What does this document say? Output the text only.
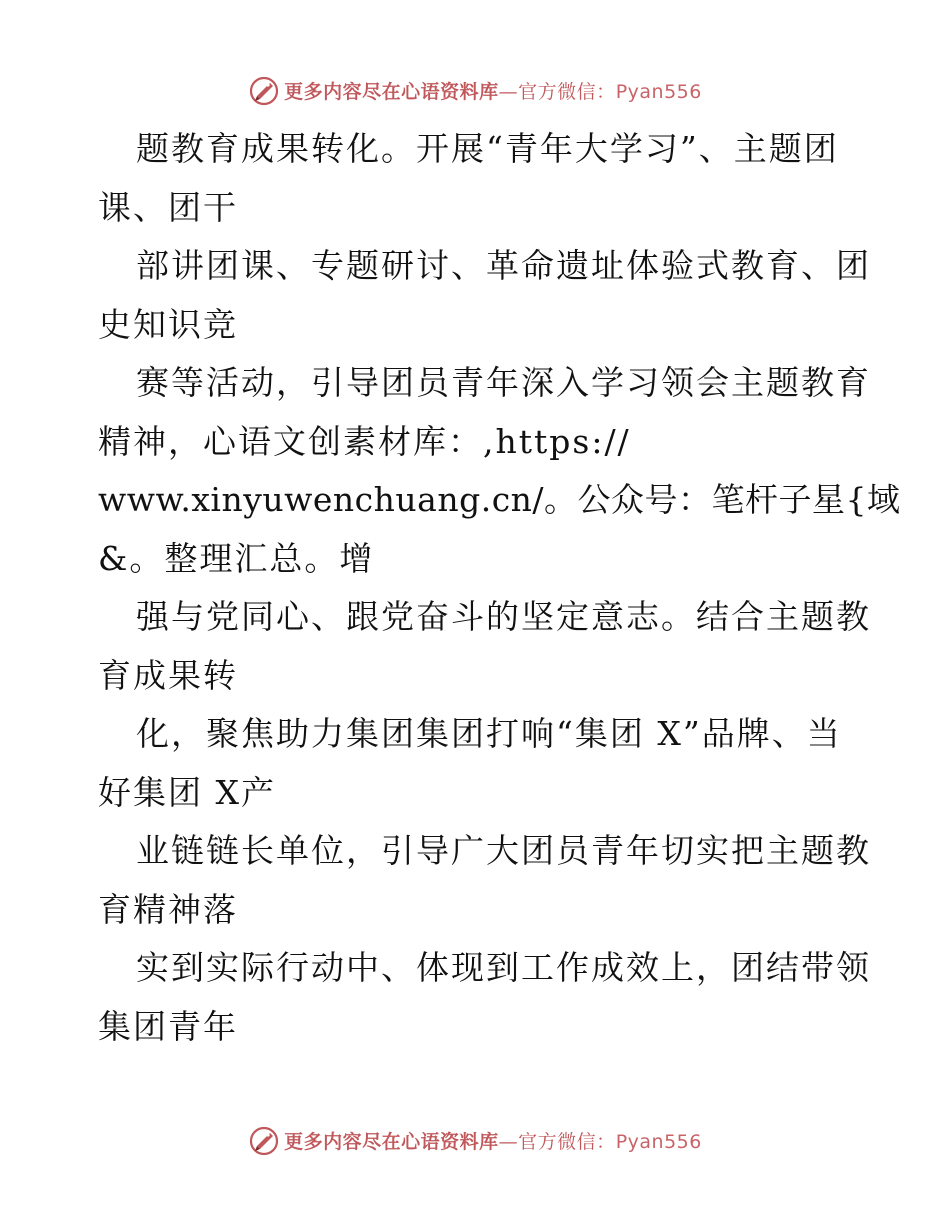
更多内容尽在心语资料库—官方微信：Pyan556
题教育成果转化。开展“青年大学习”、主题团
课、团干
部讲团课、专题研讨、革命遗址体验式教育、团
史知识竞
赛等活动，引导团员青年深入学习领会主题教育
精神，心语文创素材库：,https://
www.xinyuwenchuang.cn/。公众号：笔杆子星{域
&。整理汇总。增
强与党同心、跟党奋斗的坚定意志。结合主题教
育成果转
化，聚焦助力集团集团打响“集团 X”品牌、当
好集团 X产
业链链长单位，引导广大团员青年切实把主题教
育精神落
实到实际行动中、体现到工作成效上，团结带领
集团青年
更多内容尽在心语资料库—官方微信：Pyan556
